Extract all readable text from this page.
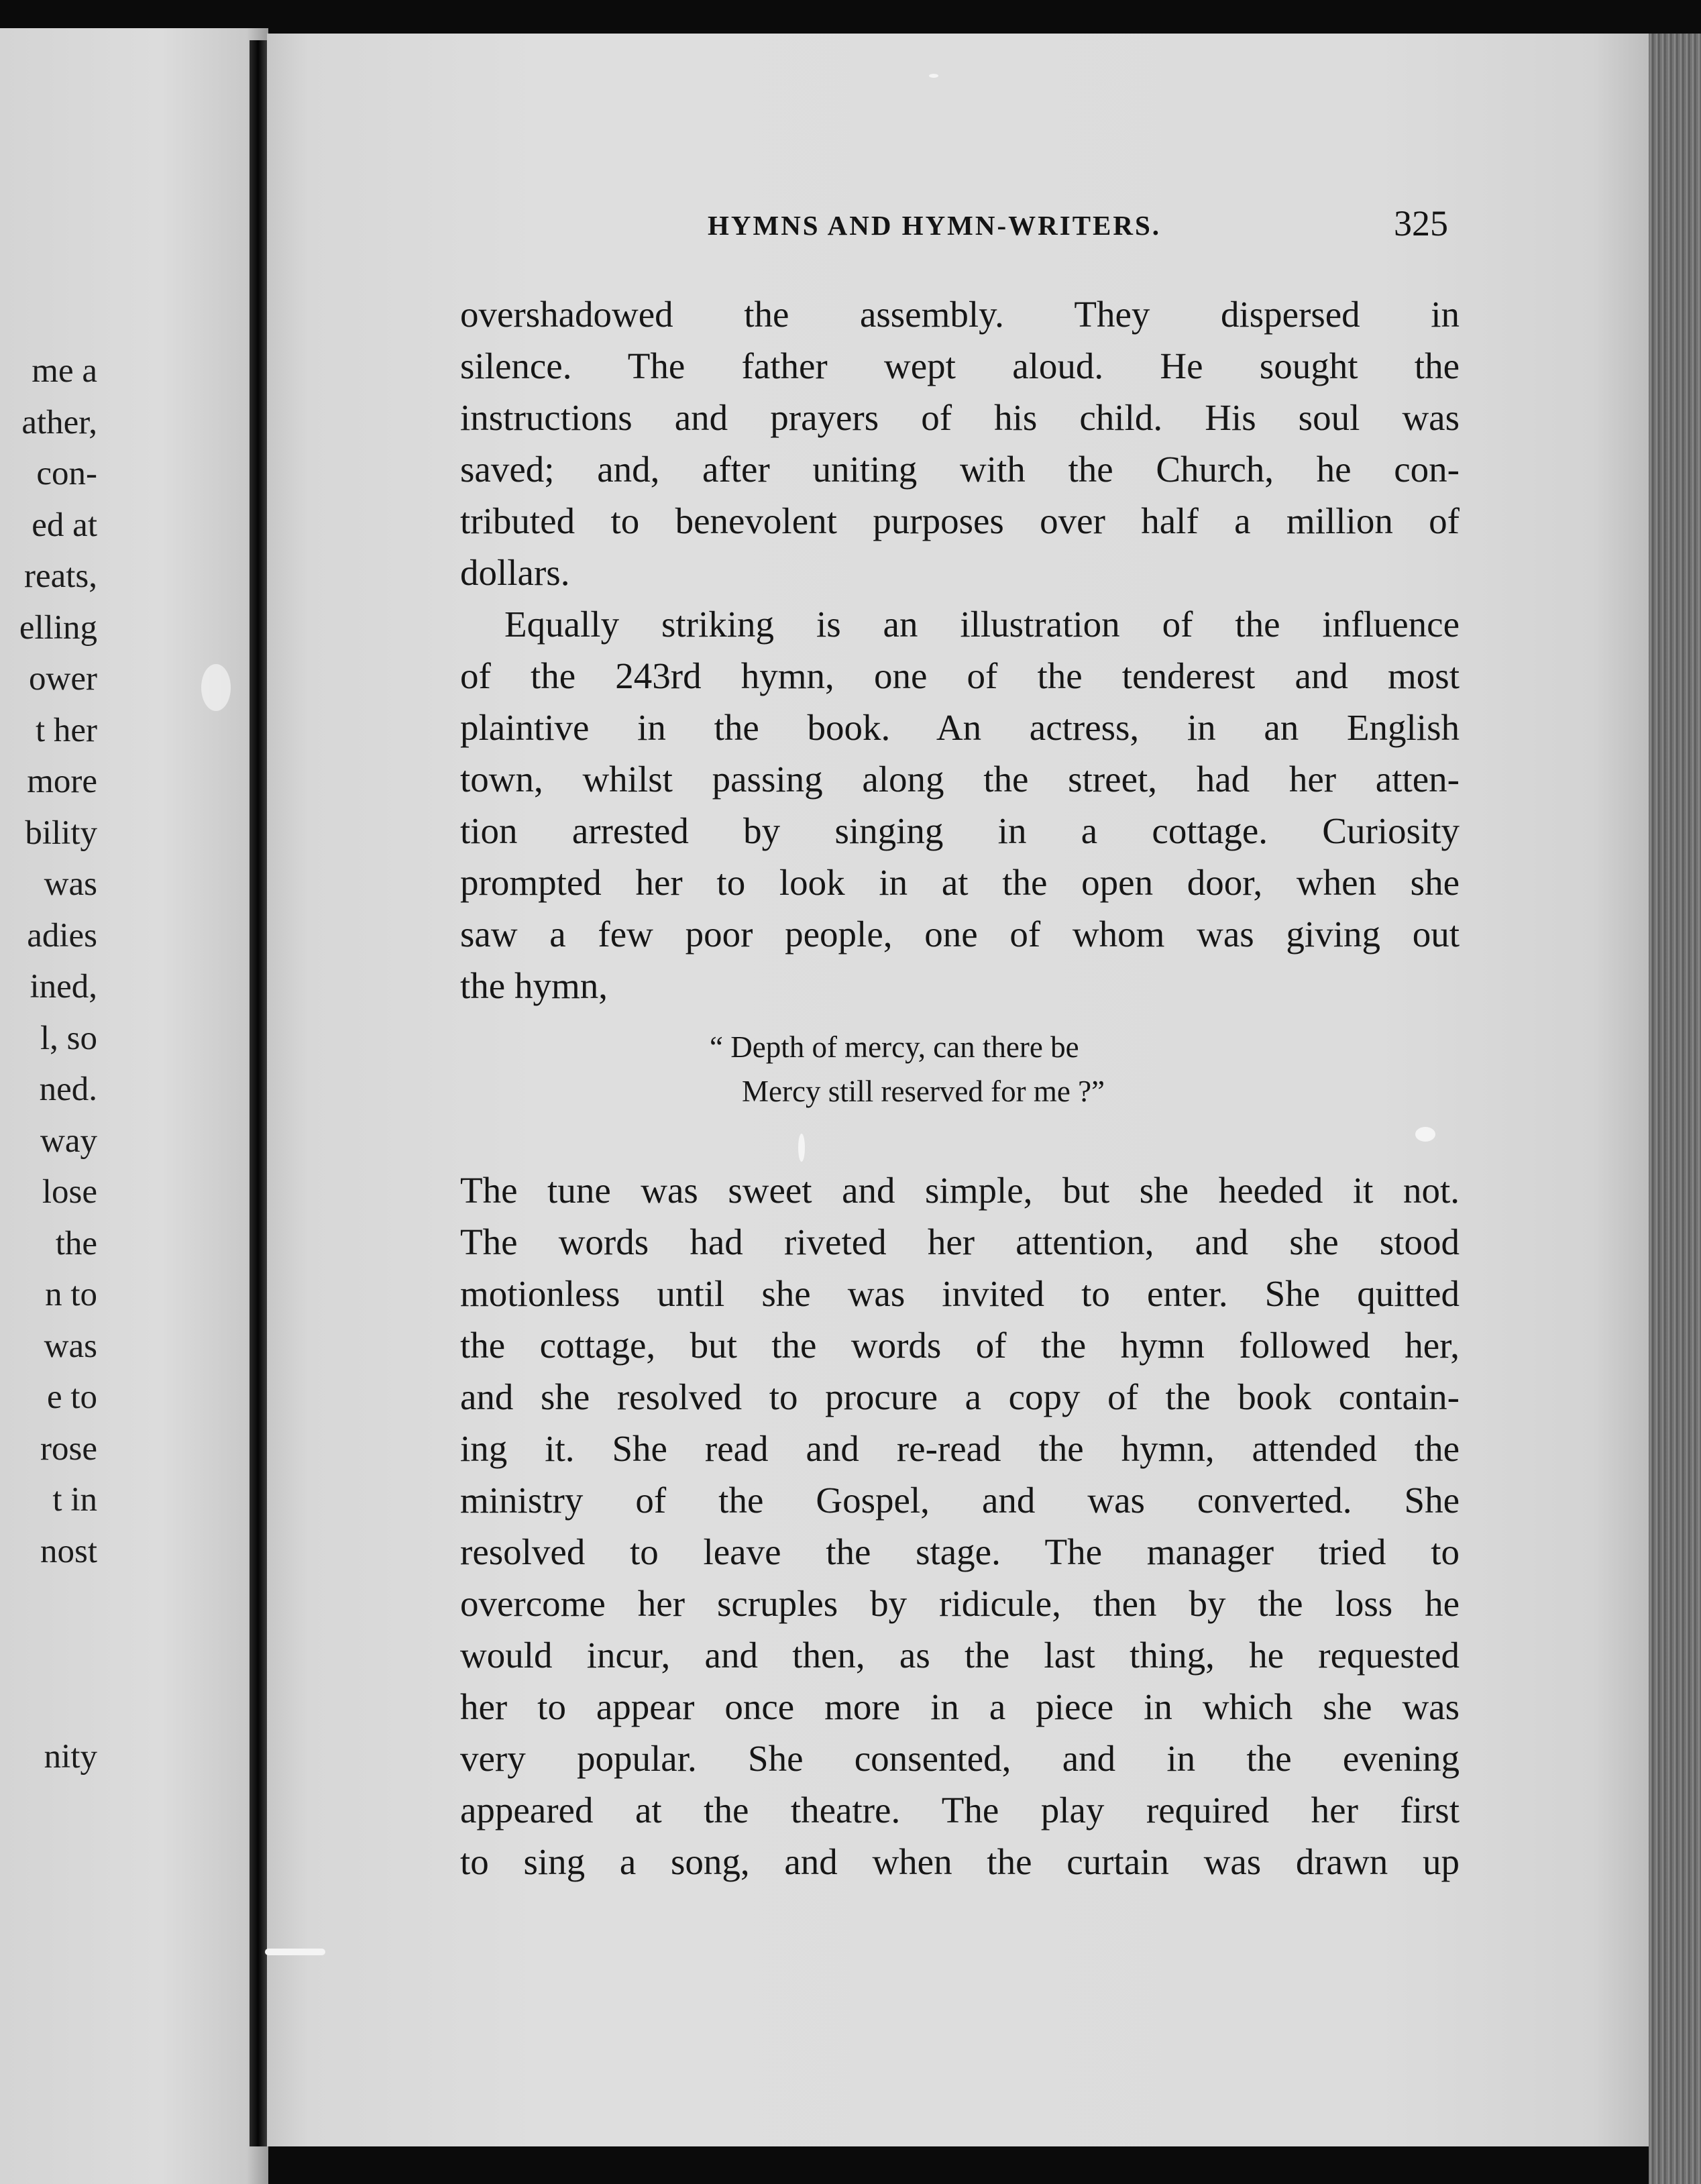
me a
ather,
con-
ed at
reats,
elling
ower
t her
more
bility
was
adies
ined,
l, so
ned.
way
lose
the
n to
was
e to
rose
t in
nost
nity
HYMNS AND HYMN-WRITERS.	325
overshadowed the assembly. They dispersed in
silence. The father wept aloud. He sought the
instructions and prayers of his child. His soul was
saved; and, after uniting with the Church, he con-
tributed to benevolent purposes over half a million of
dollars.
Equally striking is an illustration of the influence
of the 243rd hymn, one of the tenderest and most
plaintive in the book. An actress, in an English
town, whilst passing along the street, had her atten-
tion arrested by singing in a cottage. Curiosity
prompted her to look in at the open door, when she
saw a few poor people, one of whom was giving out
the hymn,
“ Depth of mercy, can there be
Mercy still reserved for me ?”
The tune was sweet and simple, but she heeded it not.
The words had riveted her attention, and she stood
motionless until she was invited to enter. She quitted
the cottage, but the words of the hymn followed her,
and she resolved to procure a copy of the book contain-
ing it. She read and re-read the hymn, attended the
ministry of the Gospel, and was converted. She
resolved to leave the stage. The manager tried to
overcome her scruples by ridicule, then by the loss he
would incur, and then, as the last thing, he requested
her to appear once more in a piece in which she was
very popular. She consented, and in the evening
appeared at the theatre. The play required her first
to sing a song, and when the curtain was drawn up
